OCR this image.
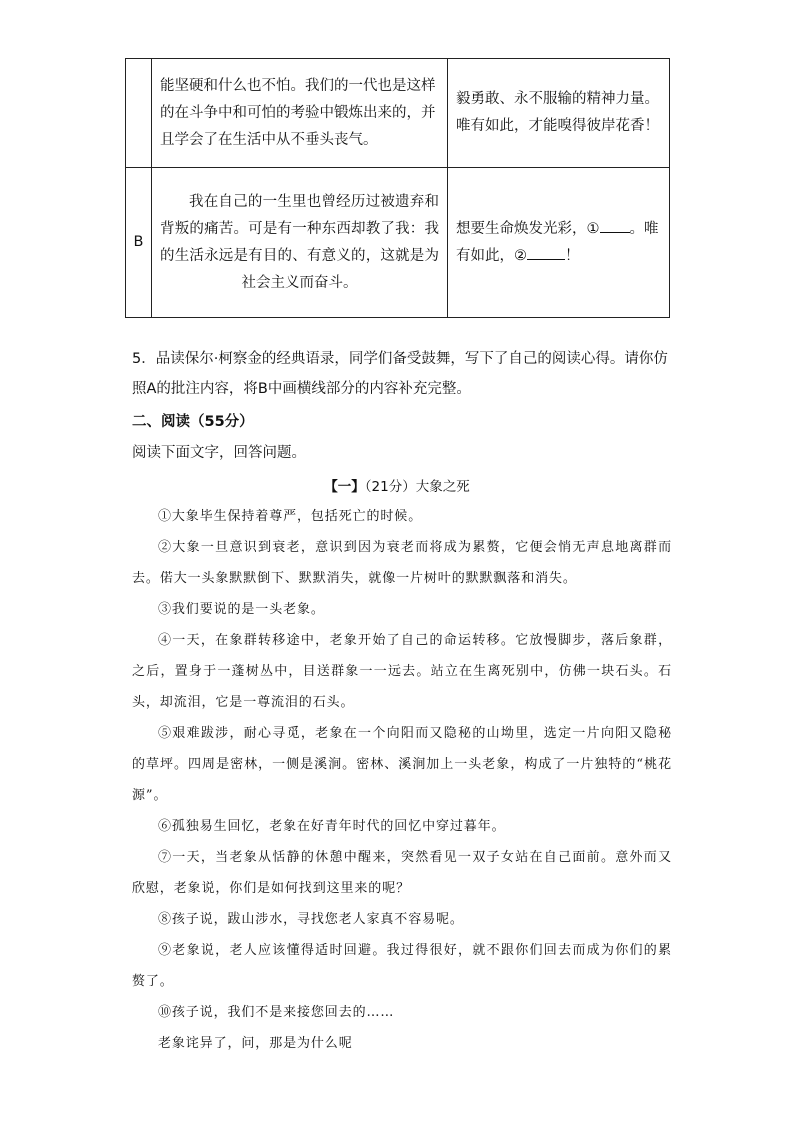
	能坚硬和什么也不怕。我们的一代也是这样的在斗争中和可怕的考验中锻炼出来的，并且学会了在生活中从不垂头丧气。	毅勇敢、永不服输的精神力量。唯有如此，才能嗅得彼岸花香！
B	我在自己的一生里也曾经历过被遗弃和背叛的痛苦。可是有一种东西却教了我：我的生活永远是有目的、有意义的，这就是为社会主义而奋斗。	想要生命焕发光彩，① 。唯有如此，② ！
5．品读保尔·柯察金的经典语录，同学们备受鼓舞，写下了自己的阅读心得。请你仿照A的批注内容，将B中画横线部分的内容补充完整。
二、阅读（55分）
阅读下面文字，回答问题。
【一】（21分）大象之死

①大象毕生保持着尊严，包括死亡的时候。

②大象一旦意识到衰老，意识到因为衰老而将成为累赘，它便会悄无声息地离群而去。偌大一头象默默倒下、默默消失，就像一片树叶的默默飘落和消失。

③我们要说的是一头老象。

④一天，在象群转移途中，老象开始了自己的命运转移。它放慢脚步，落后象群，之后，置身于一蓬树丛中，目送群象一一远去。站立在生离死别中，仿佛一块石头。石头，却流泪，它是一尊流泪的石头。

⑤艰难跋涉，耐心寻觅，老象在一个向阳而又隐秘的山坳里，选定一片向阳又隐秘的草坪。四周是密林，一侧是溪涧。密林、溪涧加上一头老象，构成了一片独特的“桃花源”。

⑥孤独易生回忆，老象在好青年时代的回忆中穿过暮年。

⑦一天，当老象从恬静的休憩中醒来，突然看见一双子女站在自己面前。意外而又欣慰，老象说，你们是如何找到这里来的呢？

⑧孩子说，跋山涉水，寻找您老人家真不容易呢。

⑨老象说，老人应该懂得适时回避。我过得很好，就不跟你们回去而成为你们的累赘了。

⑩孩子说，我们不是来接您回去的……

老象诧异了，问，那是为什么呢
